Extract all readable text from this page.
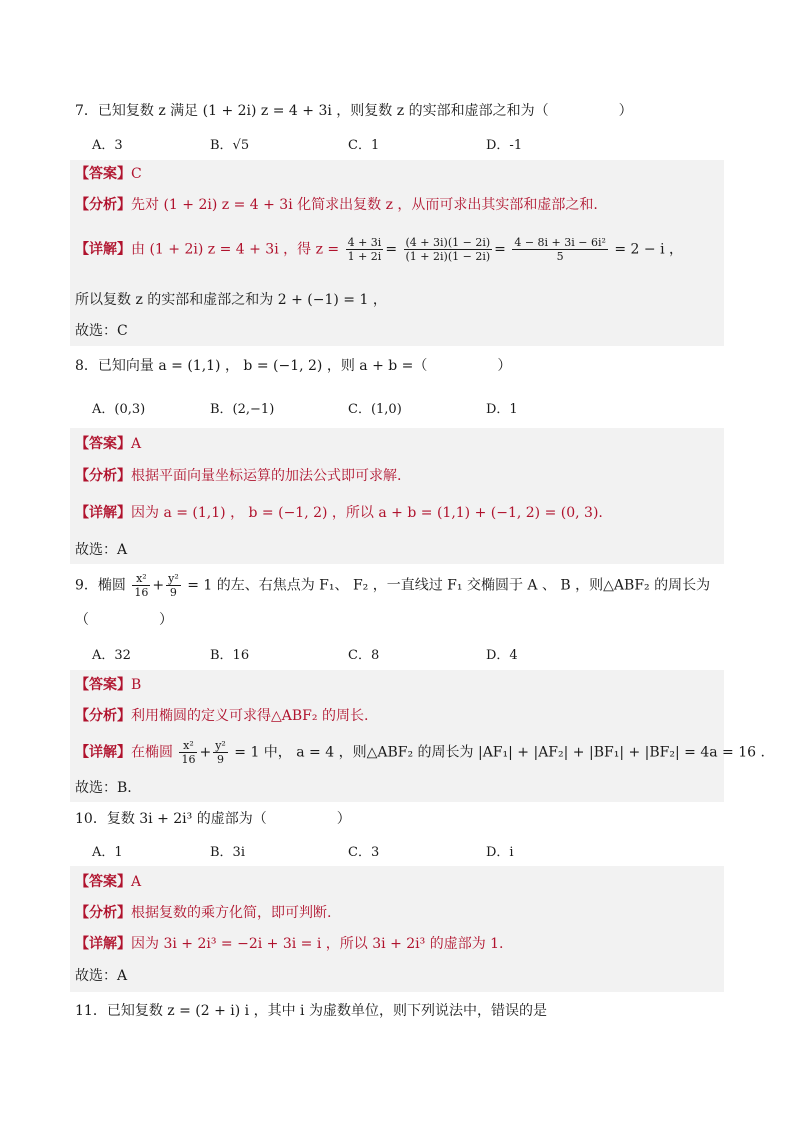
7．已知复数 z 满足 (1 + 2i) z = 4 + 3i ，则复数 z 的实部和虚部之和为（　　　　　）
A．3	B．√5	C．1	D．-1
【答案】C
【分析】先对 (1 + 2i) z = 4 + 3i 化简求出复数 z ，从而可求出其实部和虚部之和.
【详解】由 (1 + 2i) z = 4 + 3i ，得 $z = \frac{4 + 3i}{1 + 2i} = \frac{(4 + 3i)(1 - 2i)}{(1 + 2i)(1 - 2i)} = \frac{\text{4 − 8i + 3i − 6i²}}{5} = 2 - i$ ，
所以复数 z 的实部和虚部之和为 2 + (−1) = 1 ，
故选：C
8．已知向量 a = (1,1) ， b = (−1, 2) ，则 a + b =（　　　　　）
A．(0,3)	B．(2,−1)	C．(1,0)	D．1
【答案】A
【分析】根据平面向量坐标运算的加法公式即可求解.
【详解】因为 a = (1,1) ， b = (−1, 2) ，所以 a + b = (1,1) + (−1, 2) = (0, 3).
故选：A
9．椭圆 $\frac{\text{x²}}{16} + \frac{\text{y²}}{9} = 1$ 的左、右焦点为 F₁、 F₂ ，一直线过 F₁ 交椭圆于 A 、 B ，则△ABF₂ 的周长为
（　　　　　）
A．32	B．16	C．8	D．4
【答案】B
【分析】利用椭圆的定义可求得△ABF₂ 的周长.
【详解】在椭圆 $\frac{\text{x²}}{16} + \frac{\text{y²}}{9} = 1$ 中， a = 4 ，则△ABF₂ 的周长为 |AF₁| + |AF₂| + |BF₁| + |BF₂| = 4a = 16 .
故选：B.
10．复数 3i + 2i³ 的虚部为（　　　　　）
A．1	B．3i	C．3	D．i
【答案】A
【分析】根据复数的乘方化简，即可判断.
【详解】因为 3i + 2i³ = −2i + 3i = i ，所以 3i + 2i³ 的虚部为 1.
故选：A
11．已知复数 z = (2 + i) i ，其中 i 为虚数单位，则下列说法中，错误的是
